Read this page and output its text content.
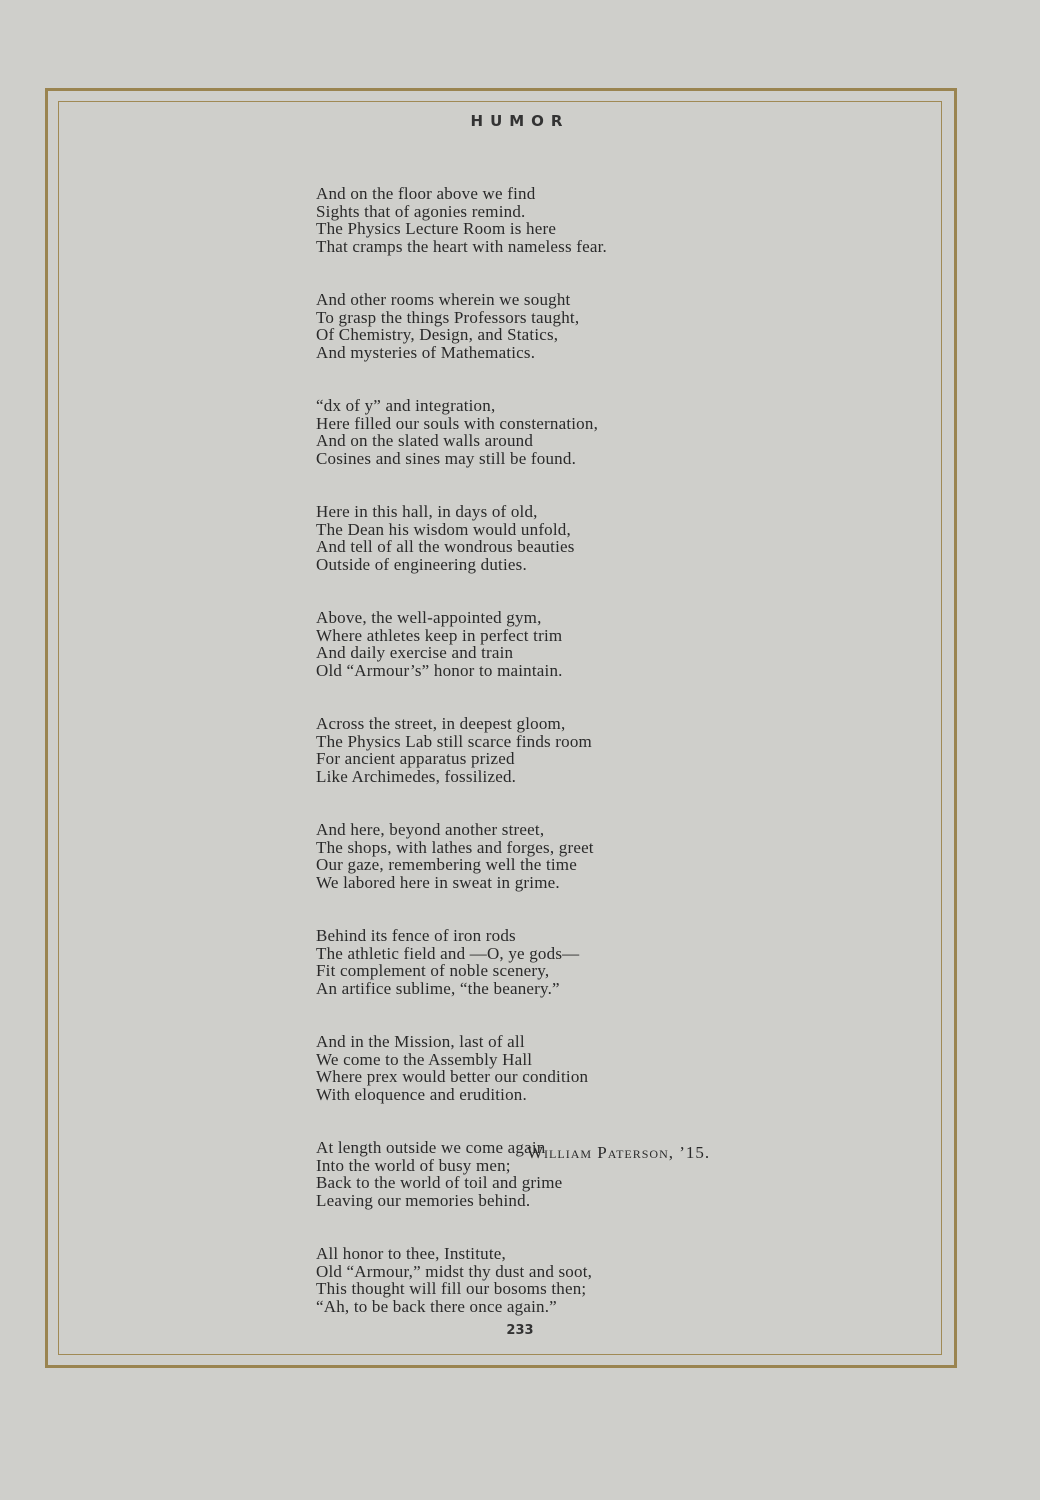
HUMOR
And on the floor above we find
Sights that of agonies remind.
The Physics Lecture Room is here
That cramps the heart with nameless fear.
And other rooms wherein we sought
To grasp the things Professors taught,
Of Chemistry, Design, and Statics,
And mysteries of Mathematics.
“dx of y” and integration,
Here filled our souls with consternation,
And on the slated walls around
Cosines and sines may still be found.
Here in this hall, in days of old,
The Dean his wisdom would unfold,
And tell of all the wondrous beauties
Outside of engineering duties.
Above, the well-appointed gym,
Where athletes keep in perfect trim
And daily exercise and train
Old “Armour’s” honor to maintain.
Across the street, in deepest gloom,
The Physics Lab still scarce finds room
For ancient apparatus prized
Like Archimedes, fossilized.
And here, beyond another street,
The shops, with lathes and forges, greet
Our gaze, remembering well the time
We labored here in sweat in grime.
Behind its fence of iron rods
The athletic field and —O, ye gods—
Fit complement of noble scenery,
An artifice sublime, “the beanery.”
And in the Mission, last of all
We come to the Assembly Hall
Where prex would better our condition
With eloquence and erudition.
At length outside we come again
Into the world of busy men;
Back to the world of toil and grime
Leaving our memories behind.
All honor to thee, Institute,
Old “Armour,” midst thy dust and soot,
This thought will fill our bosoms then;
“Ah, to be back there once again.”
William Paterson, ’15.
233
